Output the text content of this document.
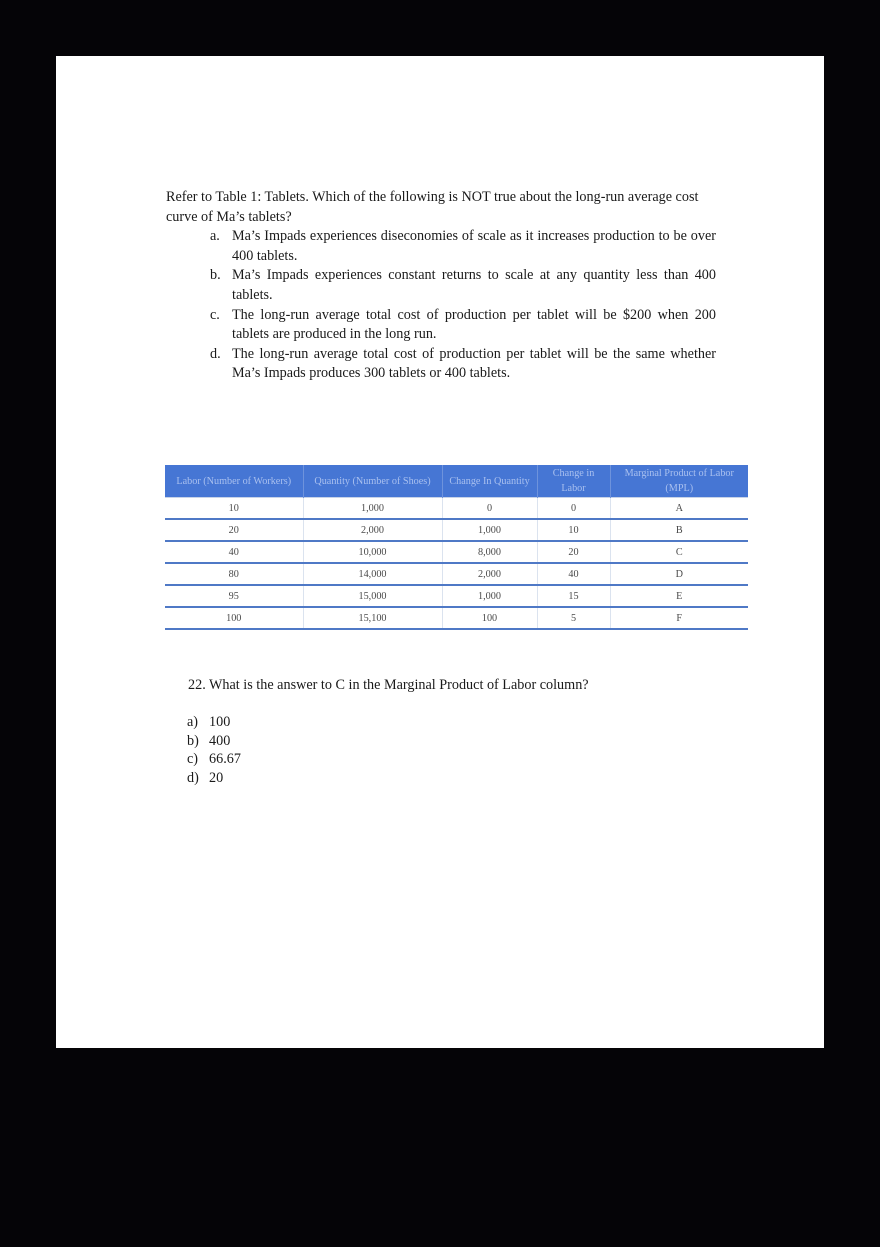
Refer to Table 1: Tablets. Which of the following is NOT true about the long-run average cost curve of Ma’s tablets?

a. Ma’s Impads experiences diseconomies of scale as it increases production to be over 400 tablets.
b. Ma’s Impads experiences constant returns to scale at any quantity less than 400 tablets.
c. The long-run average total cost of production per tablet will be $200 when 200 tablets are produced in the long run.
d. The long-run average total cost of production per tablet will be the same whether Ma’s Impads produces 300 tablets or 400 tablets.
Labor (Number of Workers)	Quantity (Number of Shoes)	Change In Quantity	Change in Labor	Marginal Product of Labor (MPL)
10	1,000	0	0	A
20	2,000	1,000	10	B
40	10,000	8,000	20	C
80	14,000	2,000	40	D
95	15,000	1,000	15	E
100	15,100	100	5	F

22. What is the answer to C in the Marginal Product of Labor column?

a) 100
b) 400
c) 66.67
d) 20
